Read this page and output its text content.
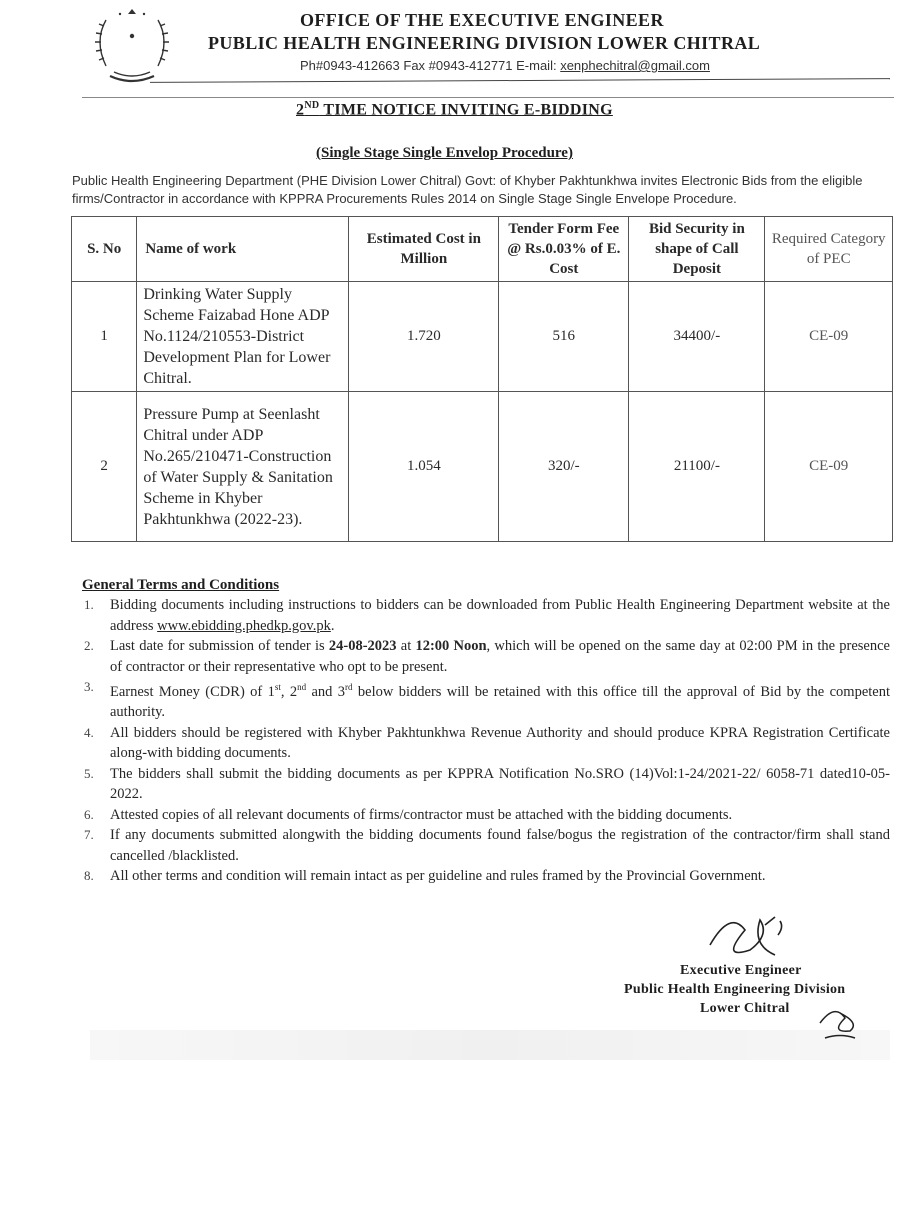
OFFICE OF THE EXECUTIVE ENGINEER
PUBLIC HEALTH ENGINEERING DIVISION LOWER CHITRAL
Ph#0943-412663 Fax #0943-412771 E-mail: xenphechitral@gmail.com
2ND TIME NOTICE INVITING E-BIDDING
(Single Stage Single Envelop Procedure)
Public Health Engineering Department (PHE Division Lower Chitral) Govt: of Khyber Pakhtunkhwa invites Electronic Bids from the eligible firms/Contractor in accordance with KPPRA Procurements Rules 2014 on Single Stage Single Envelope Procedure.
S. No	Name of work	Estimated Cost in Million	Tender Form Fee @ Rs.0.03% of E. Cost	Bid Security in shape of Call Deposit	Required Category of PEC
1	Drinking Water Supply Scheme Faizabad Hone ADP No.1124/210553-District Development Plan for Lower Chitral.	1.720	516	34400/-	CE-09
2	Pressure Pump at Seenlasht Chitral under ADP No.265/210471-Construction of Water Supply & Sanitation Scheme in Khyber Pakhtunkhwa (2022-23).	1.054	320/-	21100/-	CE-09
General Terms and Conditions
1. Bidding documents including instructions to bidders can be downloaded from Public Health Engineering Department website at the address www.ebidding.phedkp.gov.pk.
2. Last date for submission of tender is 24-08-2023 at 12:00 Noon, which will be opened on the same day at 02:00 PM in the presence of contractor or their representative who opt to be present.
3. Earnest Money (CDR) of 1st, 2nd and 3rd below bidders will be retained with this office till the approval of Bid by the competent authority.
4. All bidders should be registered with Khyber Pakhtunkhwa Revenue Authority and should produce KPRA Registration Certificate along-with bidding documents.
5. The bidders shall submit the bidding documents as per KPPRA Notification No.SRO (14)Vol:1-24/2021-22/ 6058-71 dated10-05-2022.
6. Attested copies of all relevant documents of firms/contractor must be attached with the bidding documents.
7. If any documents submitted alongwith the bidding documents found false/bogus the registration of the contractor/firm shall stand cancelled /blacklisted.
8. All other terms and condition will remain intact as per guideline and rules framed by the Provincial Government.
Executive Engineer
Public Health Engineering Division
Lower Chitral
